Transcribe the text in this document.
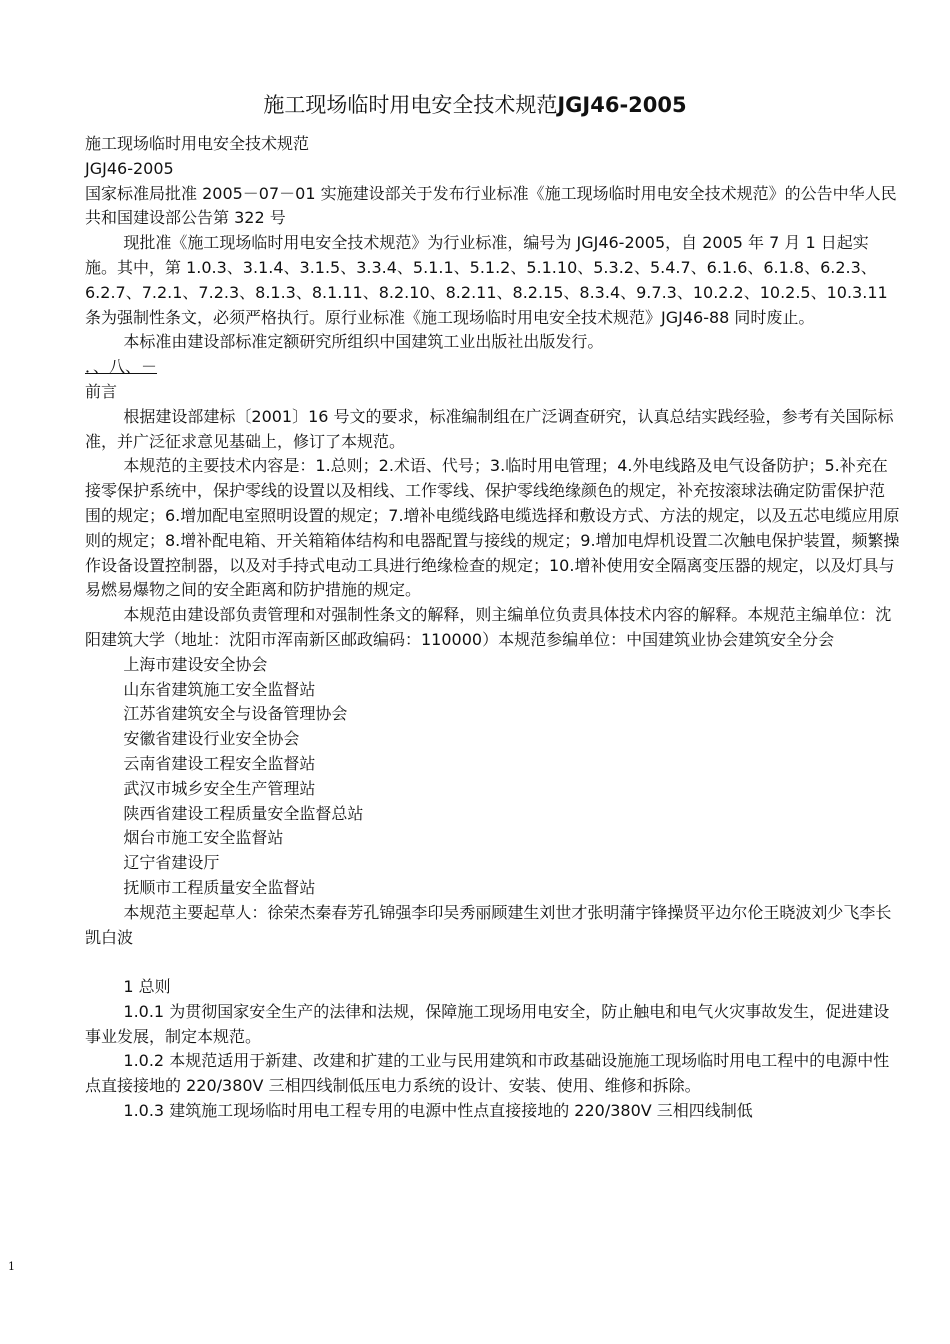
施工现场临时用电安全技术规范JGJ46-2005

施工现场临时用电安全技术规范

JGJ46-2005

国家标准局批准 2005－07－01 实施建设部关于发布行业标准《施工现场临时用电安全技术规范》的公告中华人民共和国建设部公告第 322 号

现批准《施工现场临时用电安全技术规范》为行业标准，编号为 JGJ46-2005，自 2005 年 7 月 1 日起实施。其中，第 1.0.3、3.1.4、3.1.5、3.3.4、5.1.1、5.1.2、5.1.10、5.3.2、5.4.7、6.1.6、6.1.8、6.2.3、6.2.7、7.2.1、7.2.3、8.1.3、8.1.11、8.2.10、8.2.11、8.2.15、8.3.4、9.7.3、10.2.2、10.2.5、10.3.11 条为强制性条文，必须严格执行。原行业标准《施工现场临时用电安全技术规范》JGJ46-88 同时废止。

本标准由建设部标准定额研究所组织中国建筑工业出版社出版发行。

．、八、－

前言

根据建设部建标〔2001〕16 号文的要求，标准编制组在广泛调查研究，认真总结实践经验，参考有关国际标准，并广泛征求意见基础上，修订了本规范。

本规范的主要技术内容是：1.总则；2.术语、代号；3.临时用电管理；4.外电线路及电气设备防护；5.补充在接零保护系统中，保护零线的设置以及相线、工作零线、保护零线绝缘颜色的规定，补充按滚球法确定防雷保护范围的规定；6.增加配电室照明设置的规定；7.增补电缆线路电缆选择和敷设方式、方法的规定，以及五芯电缆应用原则的规定；8.增补配电箱、开关箱箱体结构和电器配置与接线的规定；9.增加电焊机设置二次触电保护装置，频繁操作设备设置控制器，以及对手持式电动工具进行绝缘检查的规定；10.增补使用安全隔离变压器的规定，以及灯具与易燃易爆物之间的安全距离和防护措施的规定。

本规范由建设部负责管理和对强制性条文的解释，则主编单位负责具体技术内容的解释。本规范主编单位：沈阳建筑大学（地址：沈阳市浑南新区邮政编码：110000）本规范参编单位：中国建筑业协会建筑安全分会

上海市建设安全协会

山东省建筑施工安全监督站

江苏省建筑安全与设备管理协会

安徽省建设行业安全协会

云南省建设工程安全监督站

武汉市城乡安全生产管理站

陕西省建设工程质量安全监督总站

烟台市施工安全监督站

辽宁省建设厅

抚顺市工程质量安全监督站

本规范主要起草人：徐荣杰秦春芳孔锦强李印吴秀丽顾建生刘世才张明蒲宇锋操贤平边尔伦王晓波刘少飞李长凯白波

1 总则

1.0.1 为贯彻国家安全生产的法律和法规，保障施工现场用电安全，防止触电和电气火灾事故发生，促进建设事业发展，制定本规范。

1.0.2 本规范适用于新建、改建和扩建的工业与民用建筑和市政基础设施施工现场临时用电工程中的电源中性点直接接地的 220/380V 三相四线制低压电力系统的设计、安装、使用、维修和拆除。

1.0.3 建筑施工现场临时用电工程专用的电源中性点直接接地的 220/380V 三相四线制低

1
